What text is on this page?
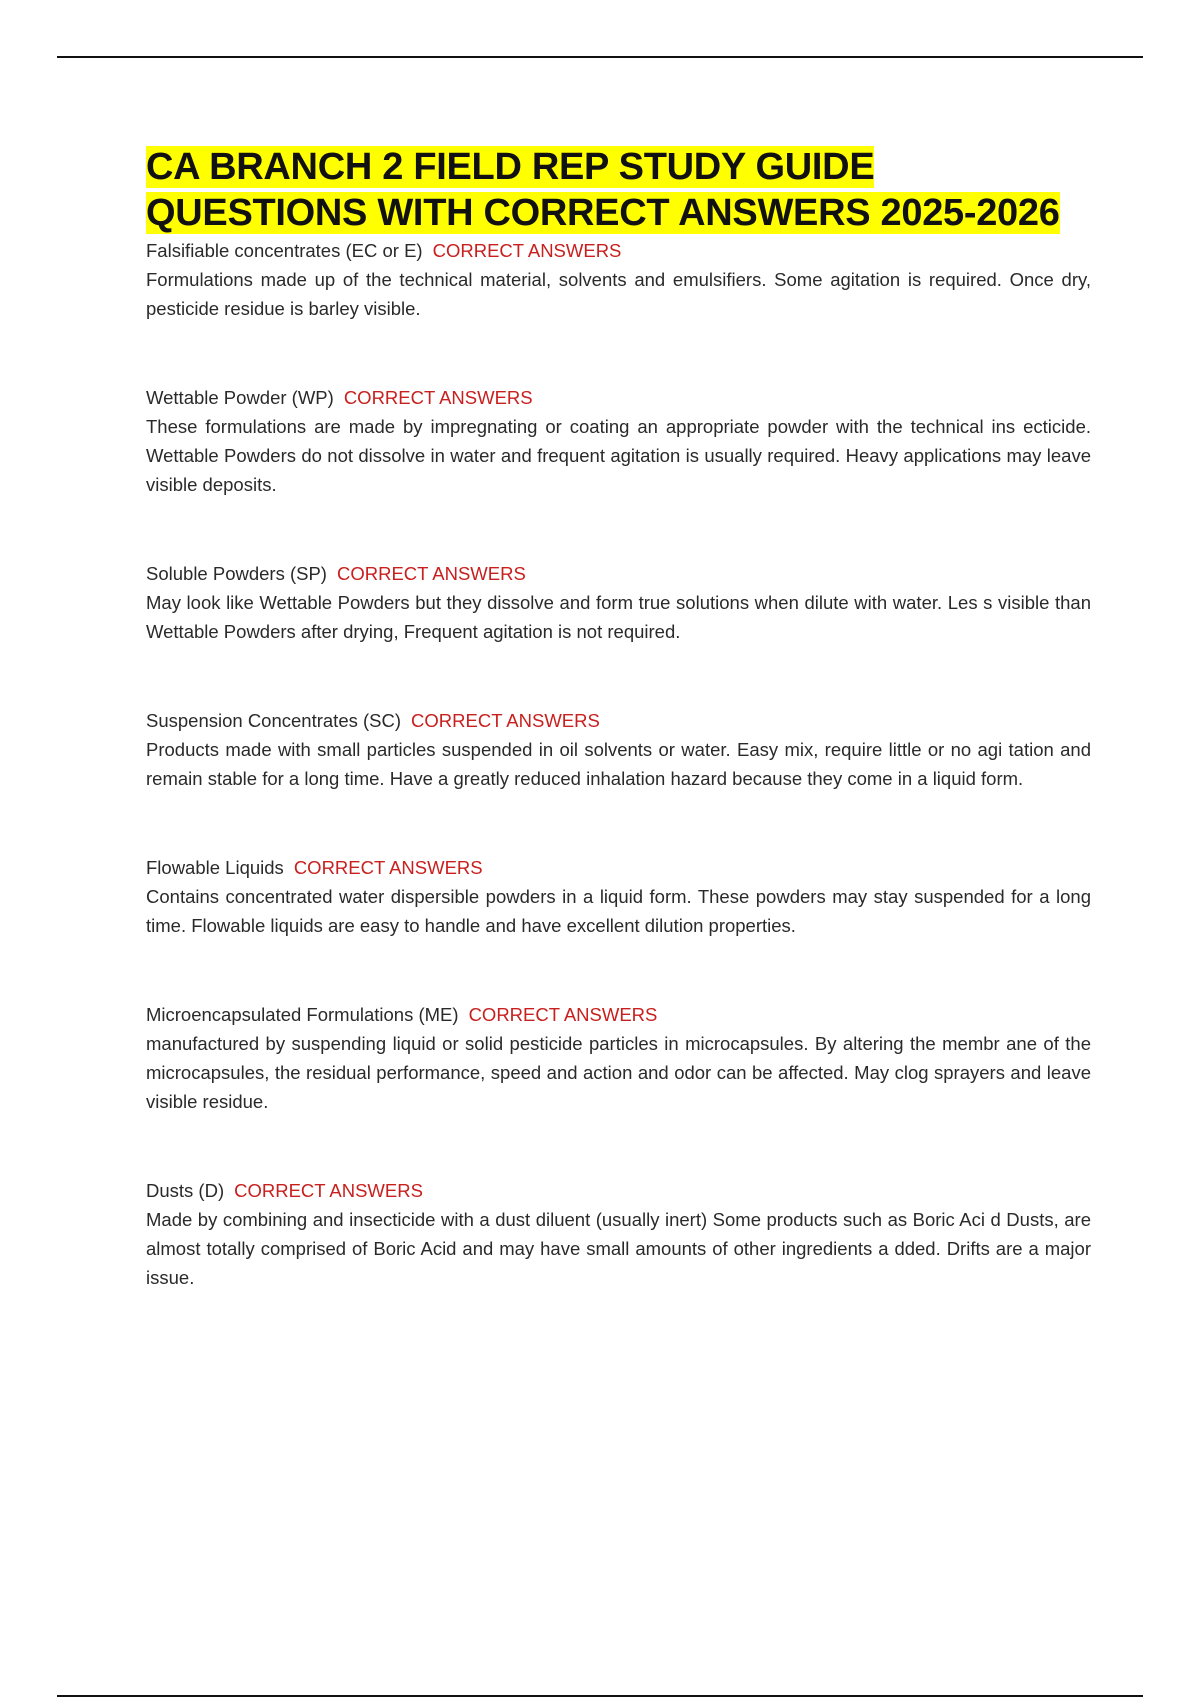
CA BRANCH 2 FIELD REP STUDY GUIDE
QUESTIONS WITH CORRECT ANSWERS 2025-2026

Falsifiable concentrates (EC or E) CORRECT ANSWERS

Formulations made up of the technical material, solvents and emulsifiers. Some agitation is required. Once dry, pesticide residue is barley visible.

Wettable Powder (WP) CORRECT ANSWERS

These formulations are made by impregnating or coating an appropriate powder with the technical ins ecticide. Wettable Powders do not dissolve in water and frequent agitation is usually required. Heavy applications may leave visible deposits.

Soluble Powders (SP) CORRECT ANSWERS

May look like Wettable Powders but they dissolve and form true solutions when dilute with water. Les s visible than Wettable Powders after drying, Frequent agitation is not required.

Suspension Concentrates (SC) CORRECT ANSWERS

Products made with small particles suspended in oil solvents or water. Easy mix, require little or no agi tation and remain stable for a long time. Have a greatly reduced inhalation hazard because they come in a liquid form.

Flowable Liquids CORRECT ANSWERS

Contains concentrated water dispersible powders in a liquid form. These powders may stay suspended for a long time. Flowable liquids are easy to handle and have excellent dilution properties.

Microencapsulated Formulations (ME) CORRECT ANSWERS

manufactured by suspending liquid or solid pesticide particles in microcapsules. By altering the membr ane of the microcapsules, the residual performance, speed and action and odor can be affected. May clog sprayers and leave visible residue.

Dusts (D) CORRECT ANSWERS

Made by combining and insecticide with a dust diluent (usually inert) Some products such as Boric Aci d Dusts, are almost totally comprised of Boric Acid and may have small amounts of other ingredients a dded. Drifts are a major issue.
